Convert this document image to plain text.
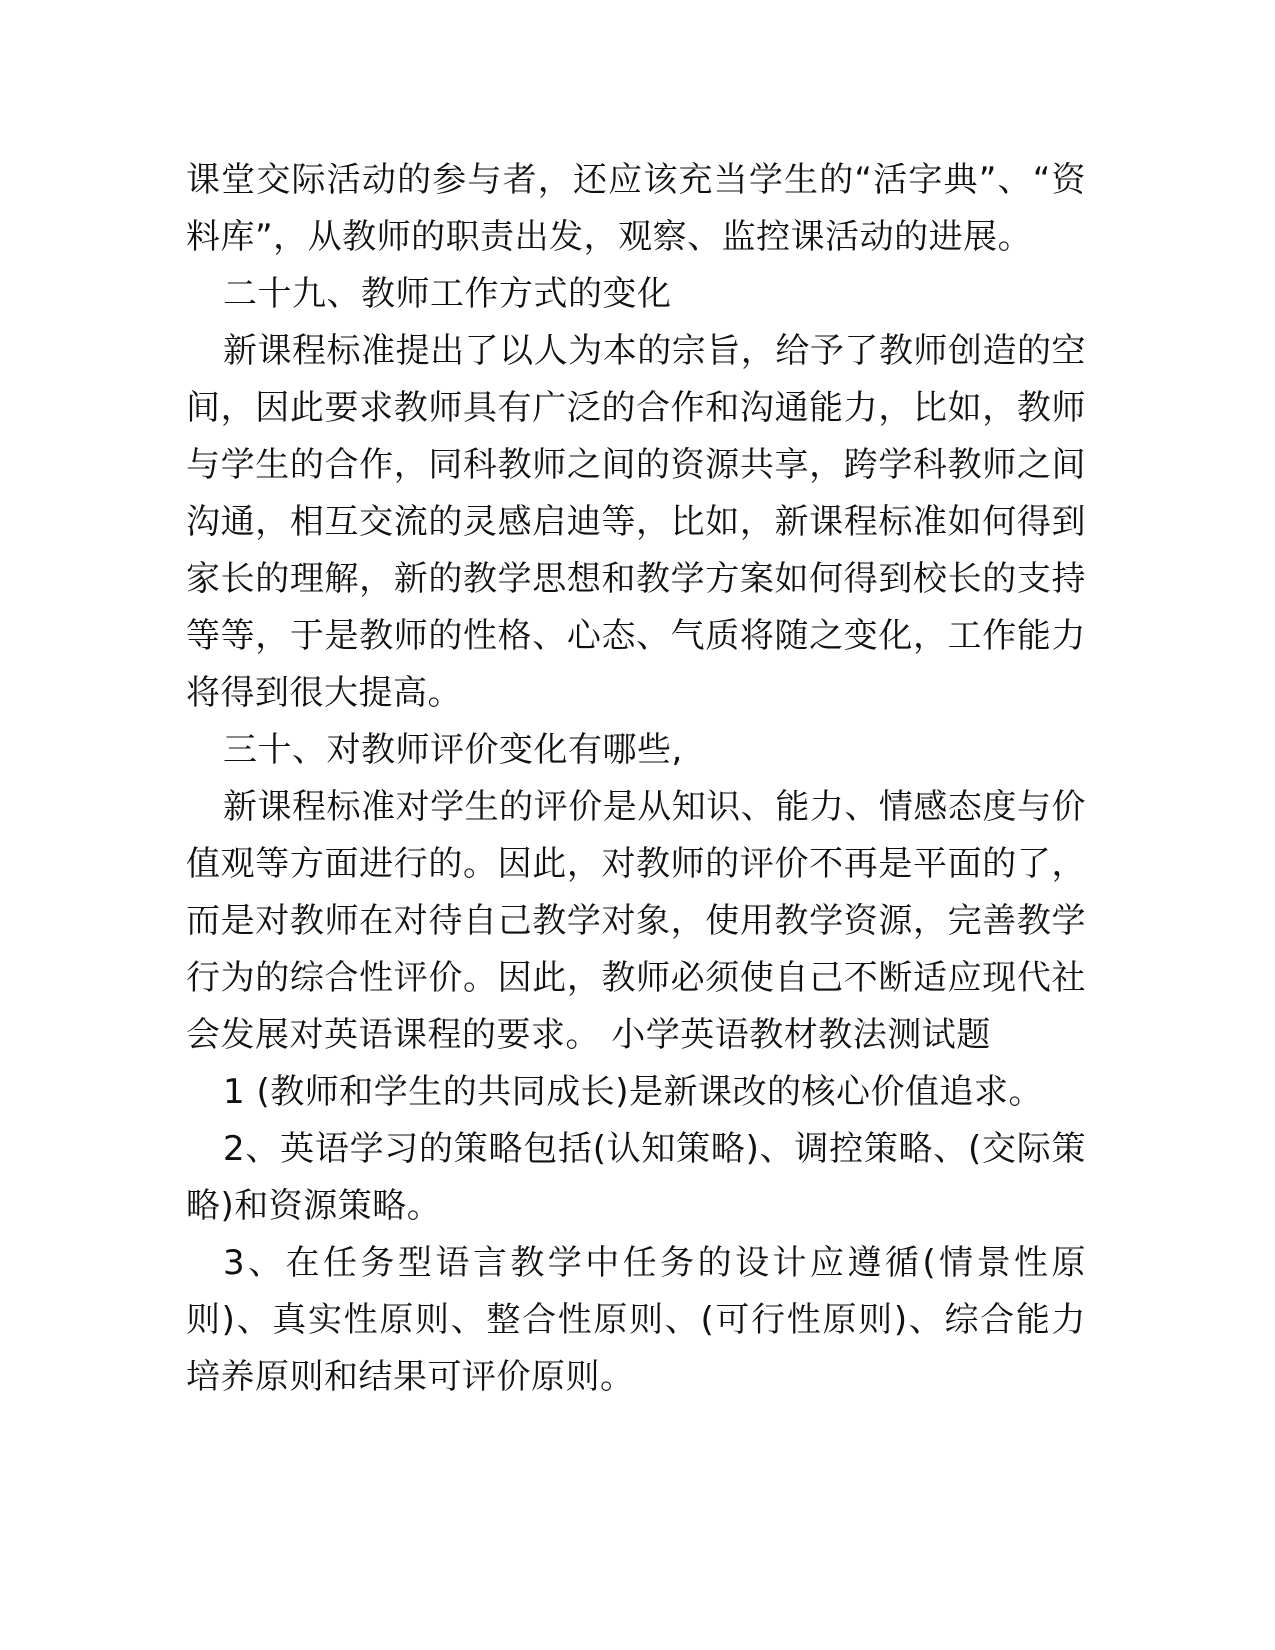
课堂交际活动的参与者，还应该充当学生的“活字典”、“资料库”，从教师的职责出发，观察、监控课活动的进展。

二十九、教师工作方式的变化

新课程标准提出了以人为本的宗旨，给予了教师创造的空间，因此要求教师具有广泛的合作和沟通能力，比如，教师与学生的合作，同科教师之间的资源共享，跨学科教师之间沟通，相互交流的灵感启迪等，比如，新课程标准如何得到家长的理解，新的教学思想和教学方案如何得到校长的支持等等，于是教师的性格、心态、气质将随之变化，工作能力将得到很大提高。

三十、对教师评价变化有哪些,

新课程标准对学生的评价是从知识、能力、情感态度与价值观等方面进行的。因此，对教师的评价不再是平面的了，而是对教师在对待自己教学对象，使用教学资源，完善教学行为的综合性评价。因此，教师必须使自己不断适应现代社会发展对英语课程的要求。 小学英语教材教法测试题

1 (教师和学生的共同成长)是新课改的核心价值追求。

2、英语学习的策略包括(认知策略)、调控策略、(交际策略)和资源策略。

3、在任务型语言教学中任务的设计应遵循(情景性原则)、真实性原则、整合性原则、(可行性原则)、综合能力培养原则和结果可评价原则。
